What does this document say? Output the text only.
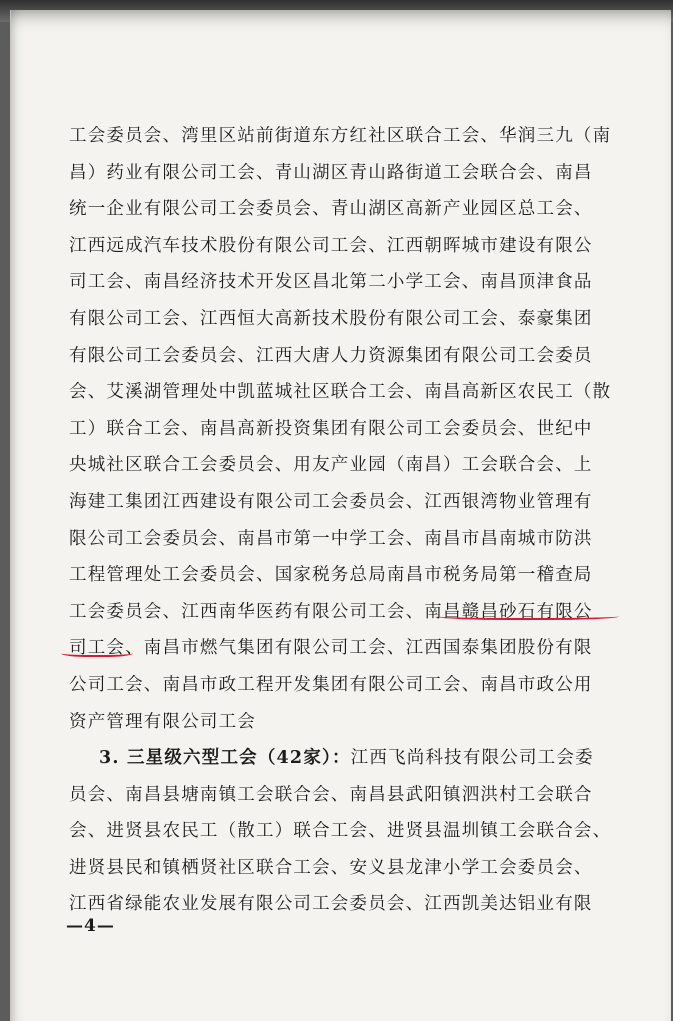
工会委员会、湾里区站前街道东方红社区联合工会、华润三九（南
昌）药业有限公司工会、青山湖区青山路街道工会联合会、南昌
统一企业有限公司工会委员会、青山湖区高新产业园区总工会、
江西远成汽车技术股份有限公司工会、江西朝晖城市建设有限公
司工会、南昌经济技术开发区昌北第二小学工会、南昌顶津食品
有限公司工会、江西恒大高新技术股份有限公司工会、泰豪集团
有限公司工会委员会、江西大唐人力资源集团有限公司工会委员
会、艾溪湖管理处中凯蓝城社区联合工会、南昌高新区农民工（散
工）联合工会、南昌高新投资集团有限公司工会委员会、世纪中
央城社区联合工会委员会、用友产业园（南昌）工会联合会、上
海建工集团江西建设有限公司工会委员会、江西银湾物业管理有
限公司工会委员会、南昌市第一中学工会、南昌市昌南城市防洪
工程管理处工会委员会、国家税务总局南昌市税务局第一稽查局
工会委员会、江西南华医药有限公司工会、南昌赣昌砂石有限公
司工会、南昌市燃气集团有限公司工会、江西国泰集团股份有限
公司工会、南昌市政工程开发集团有限公司工会、南昌市政公用
资产管理有限公司工会
3. 三星级六型工会（42家）：江西飞尚科技有限公司工会委
员会、南昌县塘南镇工会联合会、南昌县武阳镇泗洪村工会联合
会、进贤县农民工（散工）联合工会、进贤县温圳镇工会联合会、
进贤县民和镇栖贤社区联合工会、安义县龙津小学工会委员会、
江西省绿能农业发展有限公司工会委员会、江西凯美达铝业有限
—4—
